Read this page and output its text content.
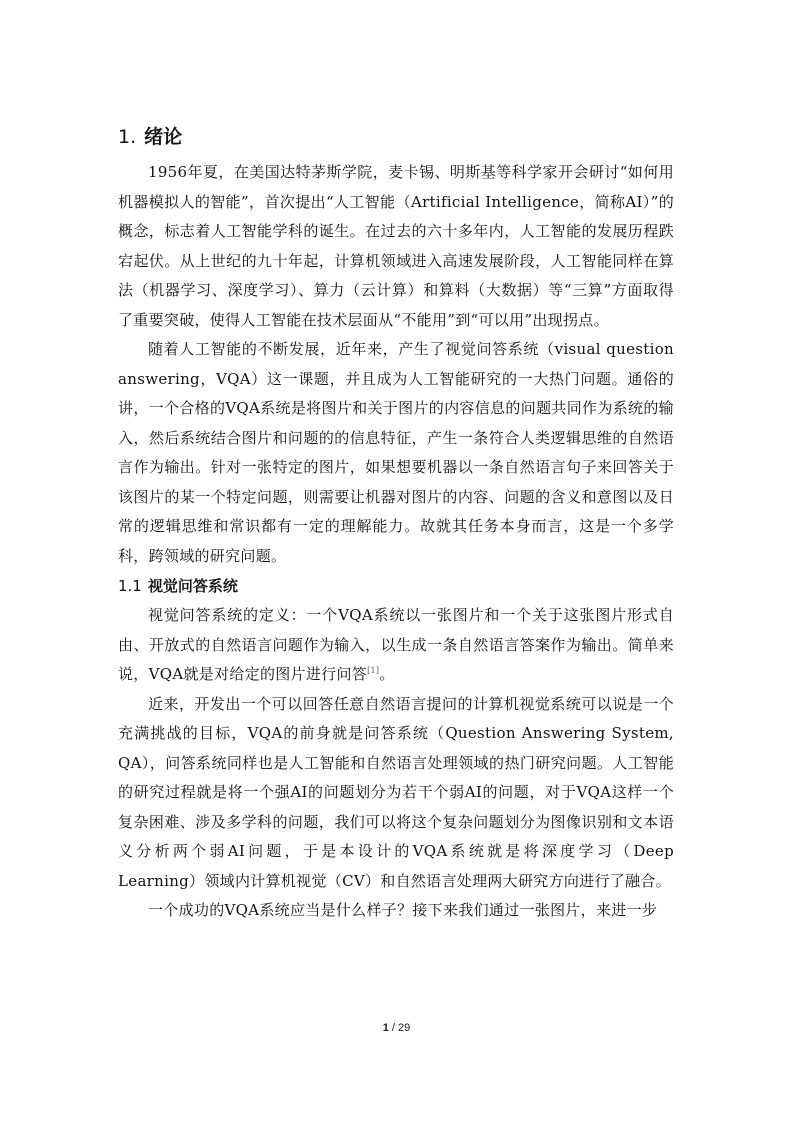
1. 绪论

1956年夏，在美国达特茅斯学院，麦卡锡、明斯基等科学家开会研讨“如何用机器模拟人的智能”，首次提出“人工智能（Artificial Intelligence，简称AI）”的概念，标志着人工智能学科的诞生。在过去的六十多年内，人工智能的发展历程跌宕起伏。从上世纪的九十年起，计算机领域进入高速发展阶段，人工智能同样在算法（机器学习、深度学习）、算力（云计算）和算料（大数据）等“三算”方面取得了重要突破，使得人工智能在技术层面从“不能用”到“可以用”出现拐点。

随着人工智能的不断发展，近年来，产生了视觉问答系统（visual question answering，VQA）这一课题，并且成为人工智能研究的一大热门问题。通俗的讲，一个合格的VQA系统是将图片和关于图片的内容信息的问题共同作为系统的输入，然后系统结合图片和问题的的信息特征，产生一条符合人类逻辑思维的自然语言作为输出。针对一张特定的图片，如果想要机器以一条自然语言句子来回答关于该图片的某一个特定问题，则需要让机器对图片的内容、问题的含义和意图以及日常的逻辑思维和常识都有一定的理解能力。故就其任务本身而言，这是一个多学科，跨领域的研究问题。

1.1 视觉问答系统

视觉问答系统的定义：一个VQA系统以一张图片和一个关于这张图片形式自由、开放式的自然语言问题作为输入，以生成一条自然语言答案作为输出。简单来说，VQA就是对给定的图片进行问答[1]。

近来，开发出一个可以回答任意自然语言提问的计算机视觉系统可以说是一个充满挑战的目标，VQA的前身就是问答系统（Question Answering System, QA），问答系统同样也是人工智能和自然语言处理领域的热门研究问题。人工智能的研究过程就是将一个强AI的问题划分为若干个弱AI的问题，对于VQA这样一个复杂困难、涉及多学科的问题，我们可以将这个复杂问题划分为图像识别和文本语义分析两个弱AI问题，于是本设计的VQA系统就是将深度学习（Deep Learning）领域内计算机视觉（CV）和自然语言处理两大研究方向进行了融合。

一个成功的VQA系统应当是什么样子？接下来我们通过一张图片，来进一步

1 / 29
